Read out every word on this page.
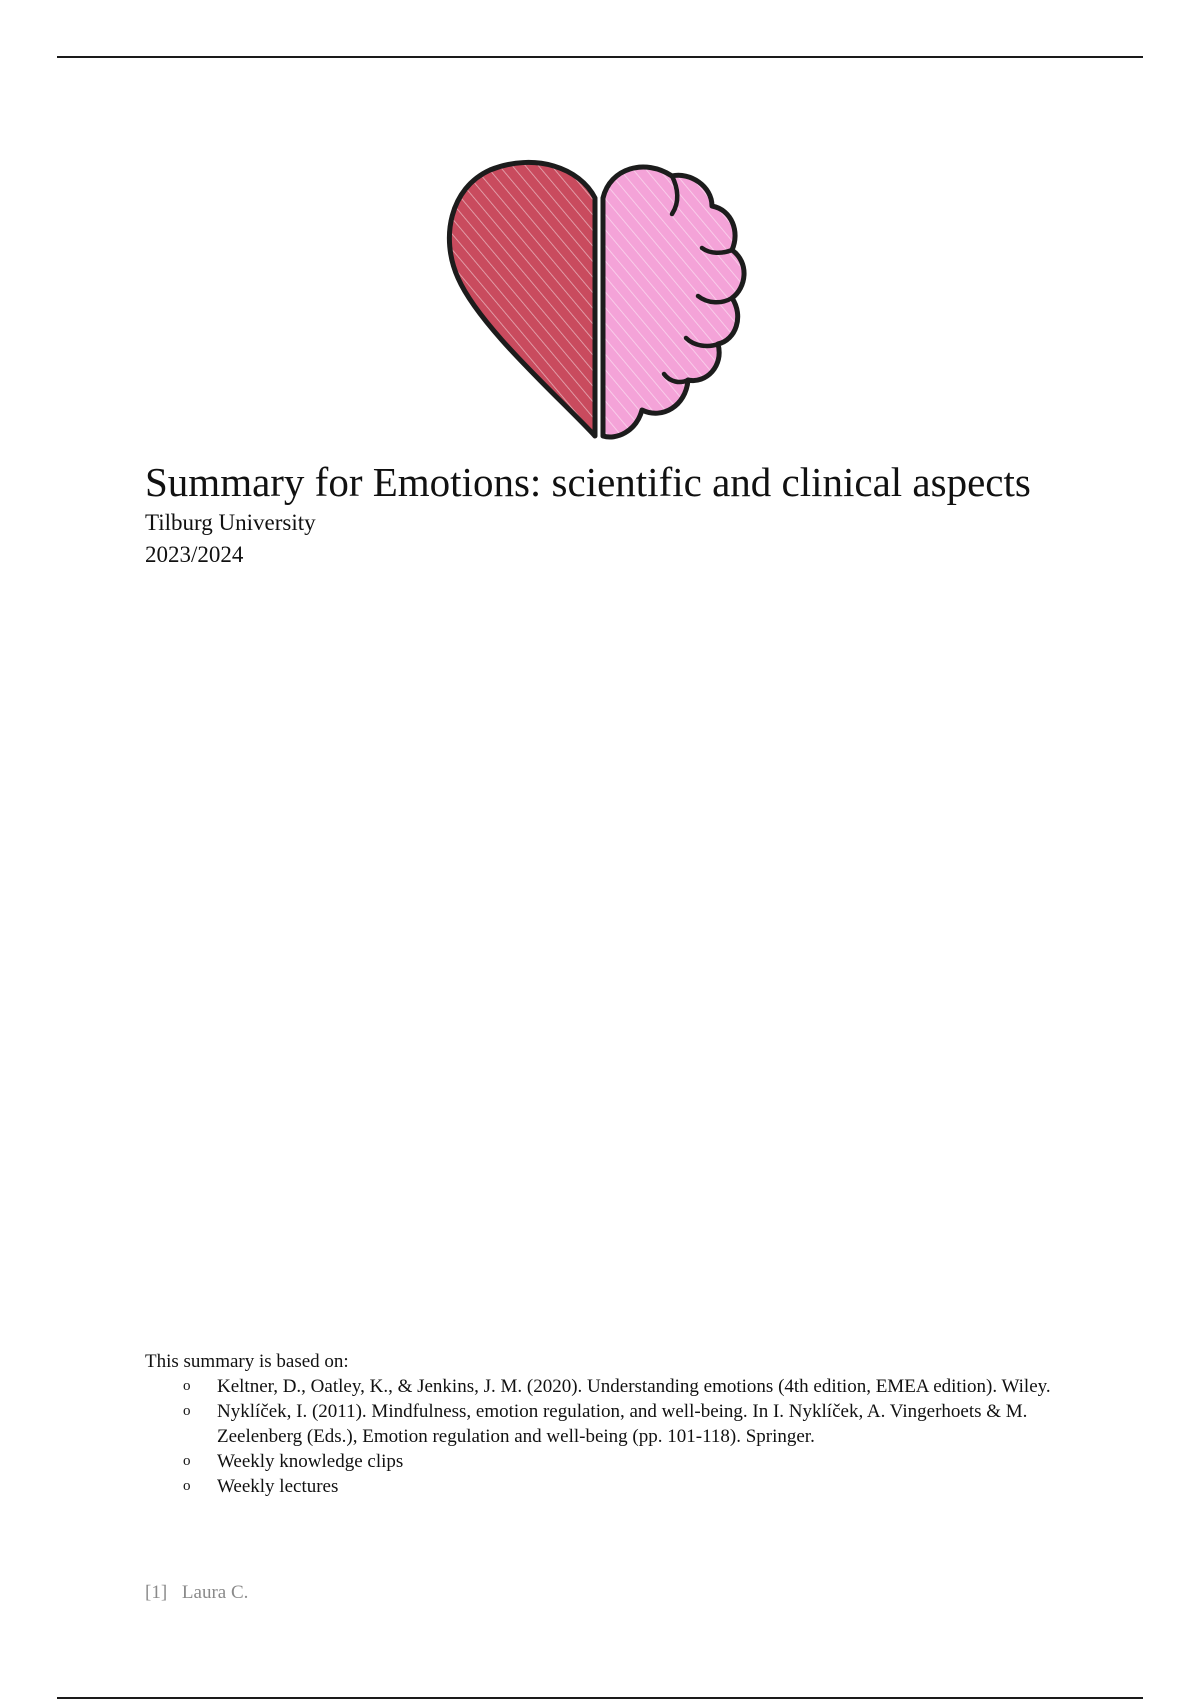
Summary for Emotions: scientific and clinical aspects
Tilburg University
2023/2024

This summary is based on:

o Keltner, D., Oatley, K., & Jenkins, J. M. (2020). Understanding emotions (4th edition, EMEA edition). Wiley.
o Nyklíček, I. (2011). Mindfulness, emotion regulation, and well-being. In I. Nyklíček, A. Vingerhoets & M. Zeelenberg (Eds.), Emotion regulation and well-being (pp. 101-118). Springer.
o Weekly knowledge clips
o Weekly lectures
[1] Laura C.
